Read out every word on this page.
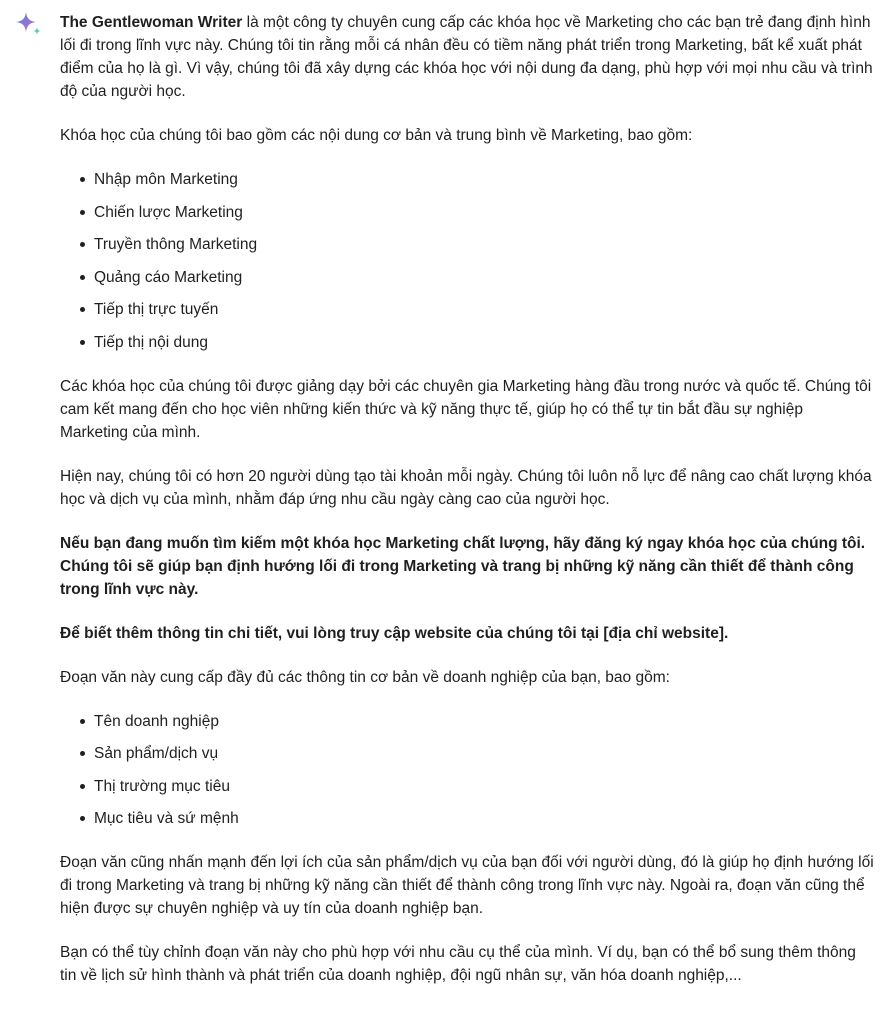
The Gentlewoman Writer là một công ty chuyên cung cấp các khóa học về Marketing cho các bạn trẻ đang định hình lối đi trong lĩnh vực này. Chúng tôi tin rằng mỗi cá nhân đều có tiềm năng phát triển trong Marketing, bất kể xuất phát điểm của họ là gì. Vì vậy, chúng tôi đã xây dựng các khóa học với nội dung đa dạng, phù hợp với mọi nhu cầu và trình độ của người học.

Khóa học của chúng tôi bao gồm các nội dung cơ bản và trung bình về Marketing, bao gồm:

Nhập môn Marketing
Chiến lược Marketing
Truyền thông Marketing
Quảng cáo Marketing
Tiếp thị trực tuyến
Tiếp thị nội dung

Các khóa học của chúng tôi được giảng dạy bởi các chuyên gia Marketing hàng đầu trong nước và quốc tế. Chúng tôi cam kết mang đến cho học viên những kiến thức và kỹ năng thực tế, giúp họ có thể tự tin bắt đầu sự nghiệp Marketing của mình.

Hiện nay, chúng tôi có hơn 20 người dùng tạo tài khoản mỗi ngày. Chúng tôi luôn nỗ lực để nâng cao chất lượng khóa học và dịch vụ của mình, nhằm đáp ứng nhu cầu ngày càng cao của người học.

Nếu bạn đang muốn tìm kiếm một khóa học Marketing chất lượng, hãy đăng ký ngay khóa học của chúng tôi. Chúng tôi sẽ giúp bạn định hướng lối đi trong Marketing và trang bị những kỹ năng cần thiết để thành công trong lĩnh vực này.

Để biết thêm thông tin chi tiết, vui lòng truy cập website của chúng tôi tại [địa chỉ website].

Đoạn văn này cung cấp đầy đủ các thông tin cơ bản về doanh nghiệp của bạn, bao gồm:

Tên doanh nghiệp
Sản phẩm/dịch vụ
Thị trường mục tiêu
Mục tiêu và sứ mệnh

Đoạn văn cũng nhấn mạnh đến lợi ích của sản phẩm/dịch vụ của bạn đối với người dùng, đó là giúp họ định hướng lối đi trong Marketing và trang bị những kỹ năng cần thiết để thành công trong lĩnh vực này. Ngoài ra, đoạn văn cũng thể hiện được sự chuyên nghiệp và uy tín của doanh nghiệp bạn.

Bạn có thể tùy chỉnh đoạn văn này cho phù hợp với nhu cầu cụ thể của mình. Ví dụ, bạn có thể bổ sung thêm thông tin về lịch sử hình thành và phát triển của doanh nghiệp, đội ngũ nhân sự, văn hóa doanh nghiệp,...
